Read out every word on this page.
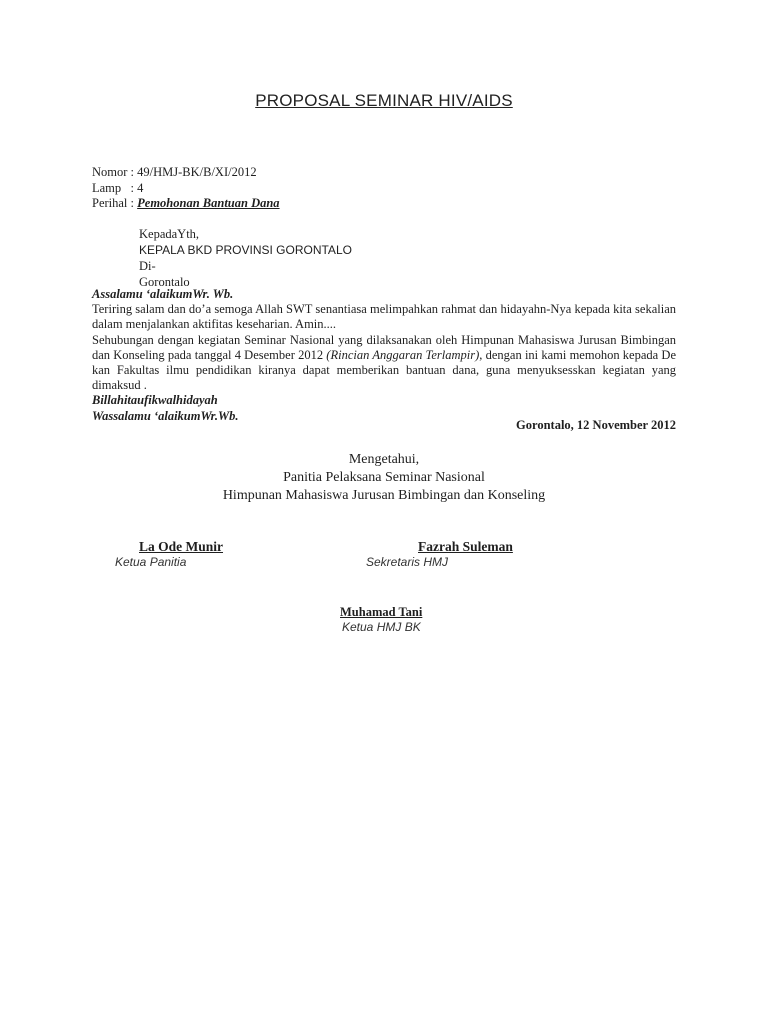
PROPOSAL SEMINAR HIV/AIDS
Nomor : 49/HMJ-BK/B/XI/2012
Lamp   : 4
Perihal : Pemohonan Bantuan Dana
KepadaYth,
KEPALA BKD PROVINSI GORONTALO
Di-
Gorontalo

Assalamu ‘alaikumWr. Wb.

Teriring salam dan do’a semoga Allah SWT senantiasa melimpahkan rahmat dan hidayahn-Nya kepada kita sekalian dalam menjalankan aktifitas keseharian. Amin....

Sehubungan dengan kegiatan Seminar Nasional yang dilaksanakan oleh Himpunan Mahasiswa Jurusan Bimbingan dan Konseling pada tanggal 4 Desember 2012 (Rincian Anggaran Terlampir), dengan ini kami memohon kepada De kan Fakultas ilmu pendidikan kiranya dapat memberikan bantuan dana, guna menyuksesskan kegiatan yang dimaksud .

Billahitaufikwalhidayah

Wassalamu ‘alaikumWr.Wb.

Gorontalo, 12 November 2012
Mengetahui,
Panitia Pelaksana Seminar Nasional
Himpunan Mahasiswa Jurusan Bimbingan dan Konseling
La Ode Munir
Ketua Panitia
Fazrah Suleman
Sekretaris HMJ
Muhamad Tani
Ketua HMJ BK
